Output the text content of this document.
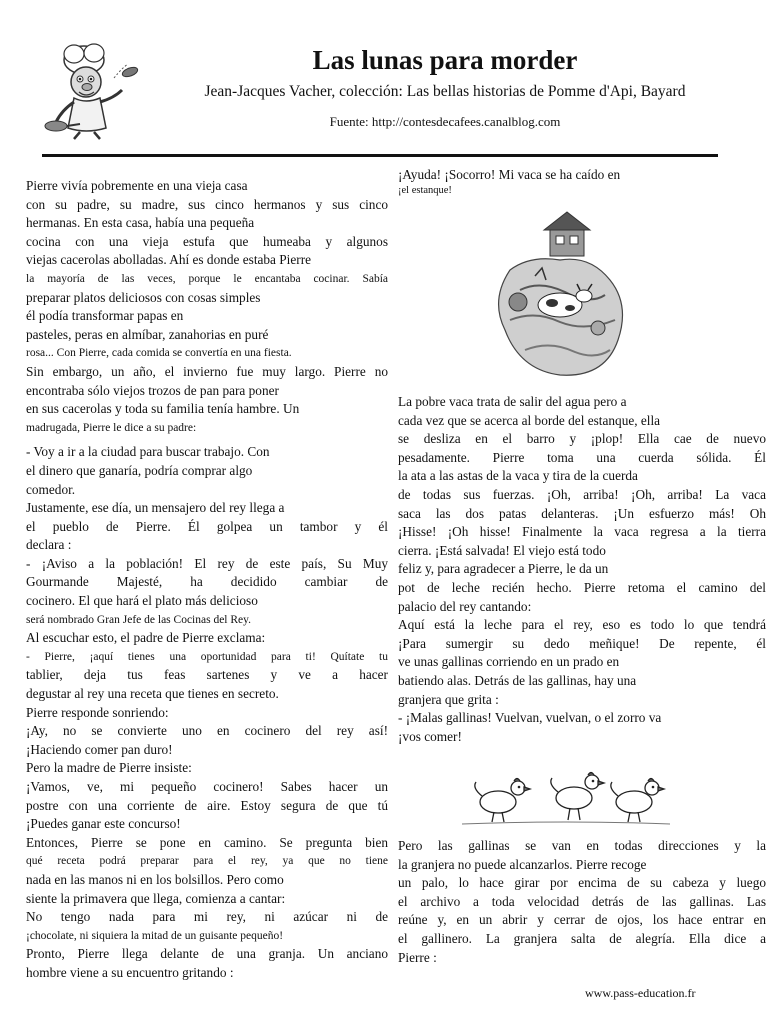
Las lunas para morder
Jean-Jacques Vacher, colección: Las bellas historias de Pomme d'Api, Bayard
Fuente: http://contesdecafees.canalblog.com

Pierre vivía pobremente en una vieja casa

con su padre, su madre, sus cinco hermanos y sus cinco

hermanas. En esta casa, había una pequeña

cocina con una vieja estufa que humeaba y algunos

viejas cacerolas abolladas. Ahí es donde estaba Pierre

la mayoría de las veces, porque le encantaba cocinar. Sabía

preparar platos deliciosos con cosas simples

él podía transformar papas en

pasteles, peras en almíbar, zanahorias en puré

rosa... Con Pierre, cada comida se convertía en una fiesta.

Sin embargo, un año, el invierno fue muy largo. Pierre no

encontraba sólo viejos trozos de pan para poner

en sus cacerolas y toda su familia tenía hambre. Un

madrugada, Pierre le dice a su padre:

- Voy a ir a la ciudad para buscar trabajo. Con

el dinero que ganaría, podría comprar algo

comedor.

Justamente, ese día, un mensajero del rey llega a

el pueblo de Pierre. Él golpea un tambor y él

declara :

- ¡Aviso a la población! El rey de este país, Su Muy

Gourmande Majesté, ha decidido cambiar de

cocinero. El que hará el plato más delicioso

será nombrado Gran Jefe de las Cocinas del Rey.

Al escuchar esto, el padre de Pierre exclama:

- Pierre, ¡aquí tienes una oportunidad para ti! Quítate tu

tablier, deja tus feas sartenes y ve a hacer

degustar al rey una receta que tienes en secreto.

Pierre responde sonriendo:

¡Ay, no se convierte uno en cocinero del rey así!

¡Haciendo comer pan duro!

Pero la madre de Pierre insiste:

¡Vamos, ve, mi pequeño cocinero! Sabes hacer un

postre con una corriente de aire. Estoy segura de que tú

¡Puedes ganar este concurso!

Entonces, Pierre se pone en camino. Se pregunta bien

qué receta podrá preparar para el rey, ya que no tiene

nada en las manos ni en los bolsillos. Pero como

siente la primavera que llega, comienza a cantar:

No tengo nada para mi rey, ni azúcar ni de

¡chocolate, ni siquiera la mitad de un guisante pequeño!

Pronto, Pierre llega delante de una granja. Un anciano

hombre viene a su encuentro gritando :

¡Ayuda! ¡Socorro! Mi vaca se ha caído en

¡el estanque!

La pobre vaca trata de salir del agua pero a

cada vez que se acerca al borde del estanque, ella

se desliza en el barro y ¡plop! Ella cae de nuevo

pesadamente. Pierre toma una cuerda sólida. Él

la ata a las astas de la vaca y tira de la cuerda

de todas sus fuerzas. ¡Oh, arriba! ¡Oh, arriba! La vaca

saca las dos patas delanteras. ¡Un esfuerzo más! Oh

¡Hisse! ¡Oh hisse! Finalmente la vaca regresa a la tierra

cierra. ¡Está salvada! El viejo está todo

feliz y, para agradecer a Pierre, le da un

pot de leche recién hecho. Pierre retoma el camino del

palacio del rey cantando:

Aquí está la leche para el rey, eso es todo lo que tendrá

¡Para sumergir su dedo meñique! De repente, él

ve unas gallinas corriendo en un prado en

batiendo alas. Detrás de las gallinas, hay una

granjera que grita :

- ¡Malas gallinas! Vuelvan, vuelvan, o el zorro va

¡vos comer!

Pero las gallinas se van en todas direcciones y la

la granjera no puede alcanzarlos. Pierre recoge

un palo, lo hace girar por encima de su cabeza y luego

el archivo a toda velocidad detrás de las gallinas. Las

reúne y, en un abrir y cerrar de ojos, los hace entrar en

el gallinero. La granjera salta de alegría. Ella dice a

Pierre :

www.pass-education.fr
